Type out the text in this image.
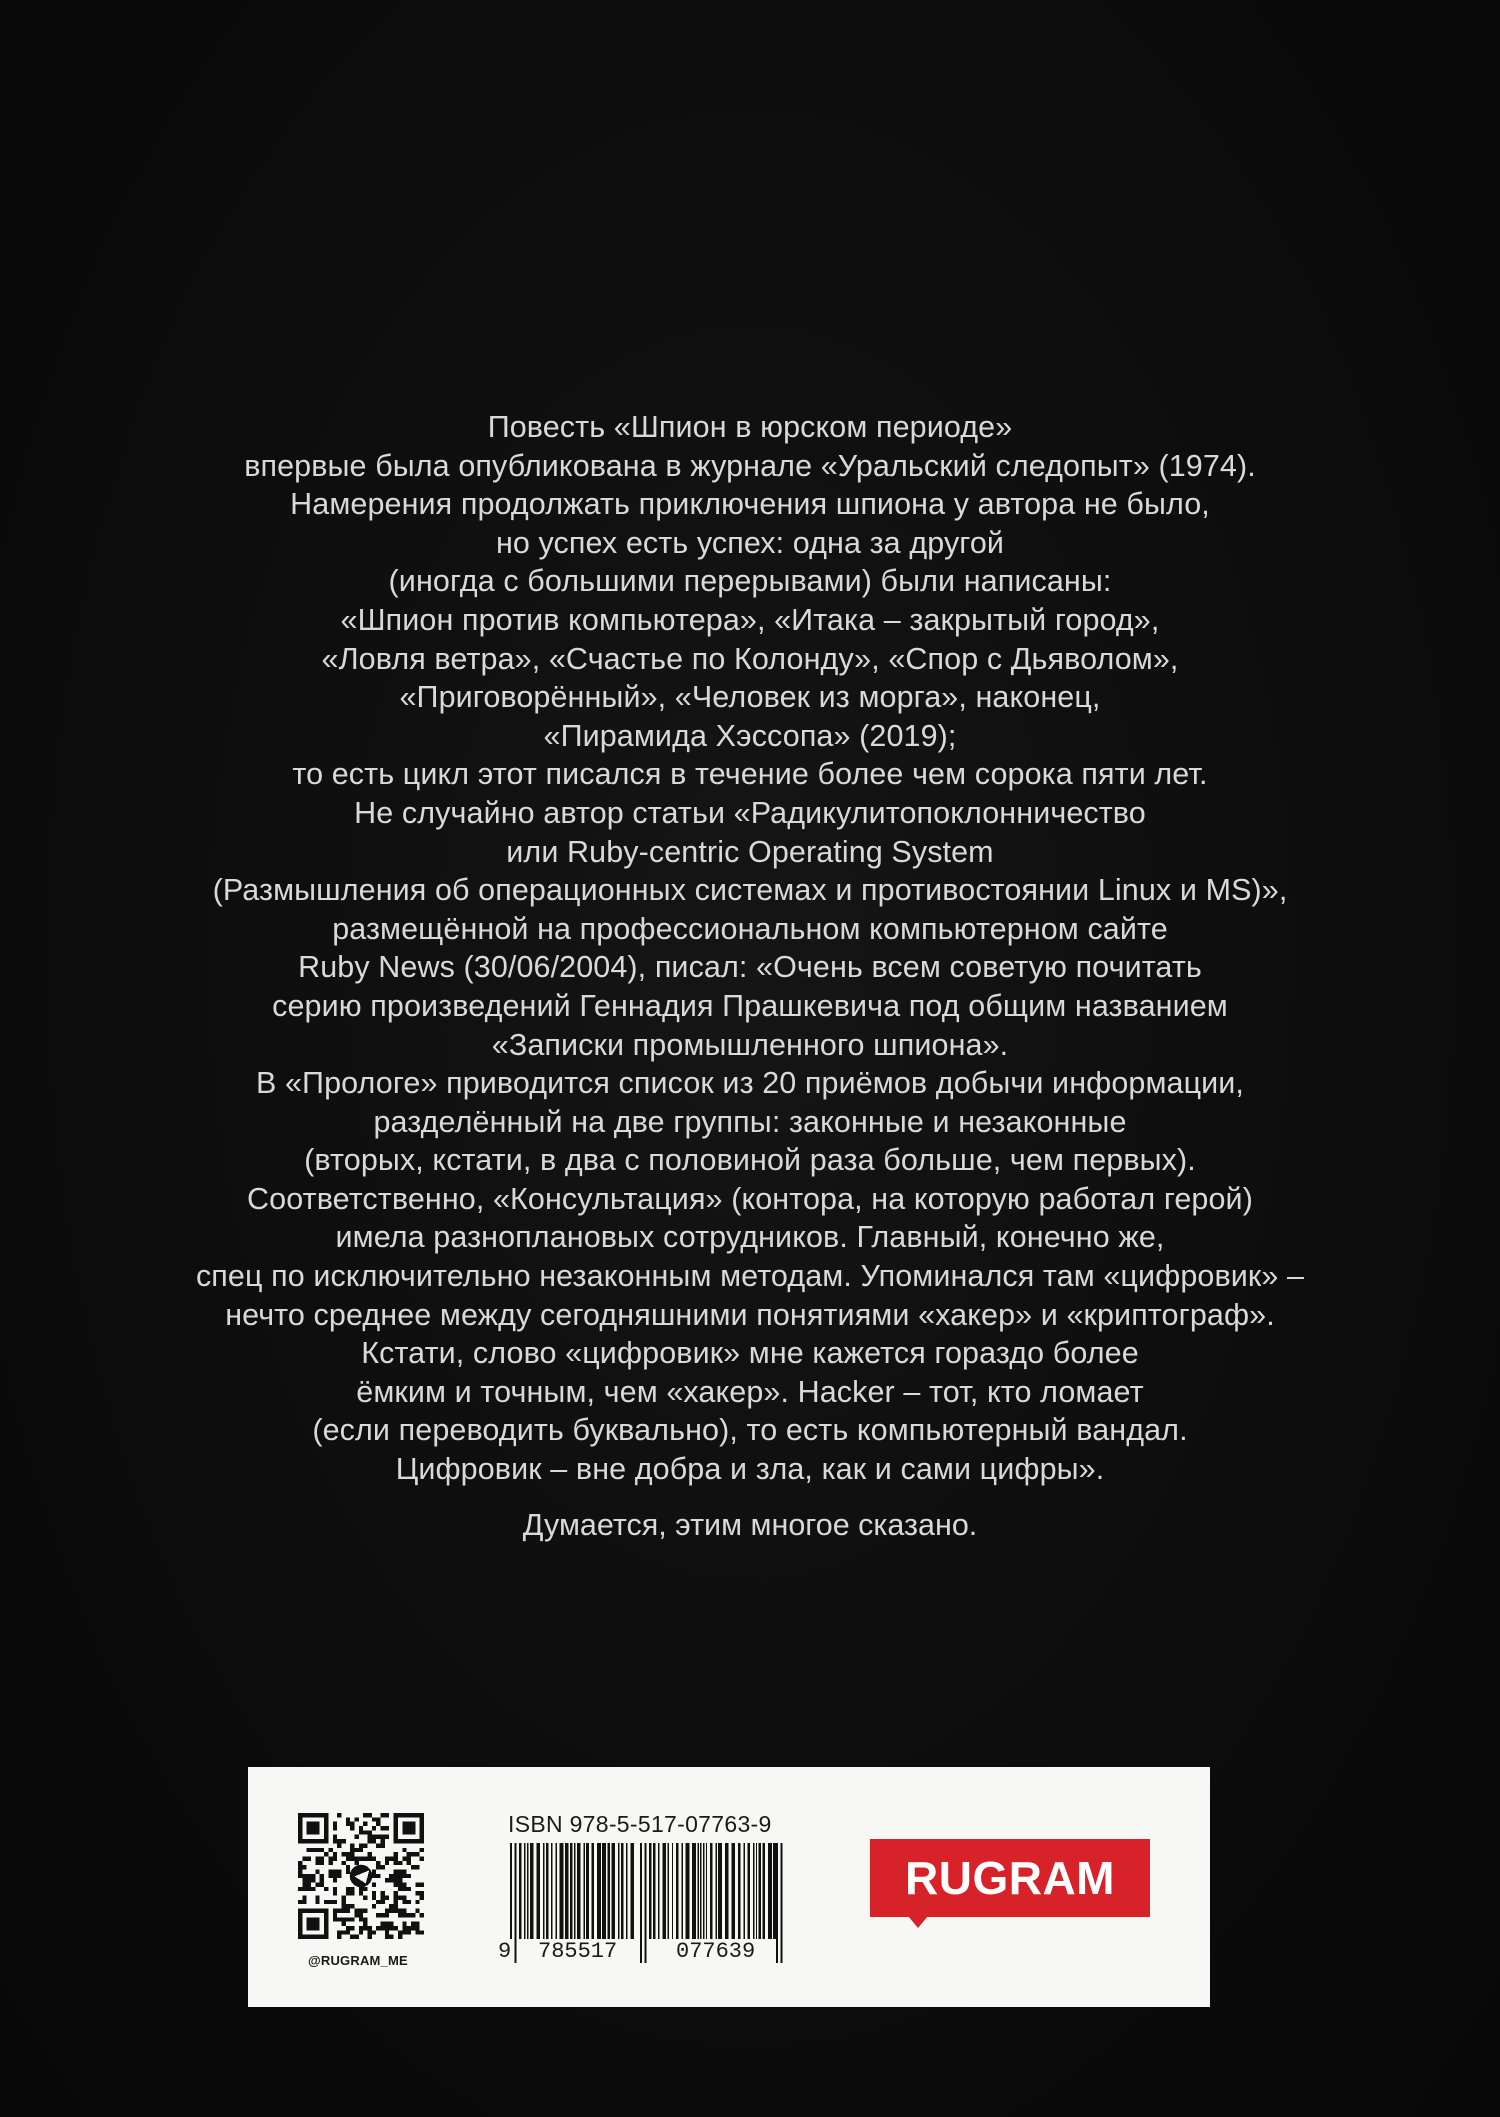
Повесть «Шпион в юрском периоде»
впервые была опубликована в журнале «Уральский следопыт» (1974).
Намерения продолжать приключения шпиона у автора не было,
но успех есть успех: одна за другой
(иногда с большими перерывами) были написаны:
«Шпион против компьютера», «Итака – закрытый город»,
«Ловля ветра», «Счастье по Колонду», «Спор с Дьяволом»,
«Приговорённый», «Человек из морга», наконец,
«Пирамида Хэссопа» (2019);
то есть цикл этот писался в течение более чем сорока пяти лет.
Не случайно автор статьи «Радикулитопоклонничество
или Ruby-centric Operating System
(Размышления об операционных системах и противостоянии Linux и MS)»,
размещённой на профессиональном компьютерном сайте
Ruby News (30/06/2004), писал: «Очень всем советую почитать
серию произведений Геннадия Прашкевича под общим названием
«Записки промышленного шпиона».
В «Прологе» приводится список из 20 приёмов добычи информации,
разделённый на две группы: законные и незаконные
(вторых, кстати, в два с половиной раза больше, чем первых).
Соответственно, «Консультация» (контора, на которую работал герой)
имела разноплановых сотрудников. Главный, конечно же,
спец по исключительно незаконным методам. Упоминался там «цифровик» –
нечто среднее между сегодняшними понятиями «хакер» и «криптограф».
Кстати, слово «цифровик» мне кажется гораздо более
ёмким и точным, чем «хакер». Hacker – тот, кто ломает
(если переводить буквально), то есть компьютерный вандал.
Цифровик – вне добра и зла, как и сами цифры».
Думается, этим многое сказано.
@RUGRAM_ME
ISBN 978-5-517-07763-9
9 785517	077639
RUGRAM
